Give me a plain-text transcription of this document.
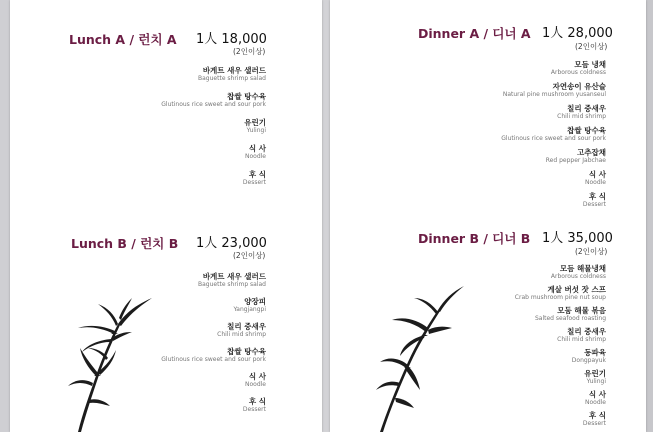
Lunch A / 런치 A 1人 18,000
(2인이상)
바게트 새우 샐러드
Baguette shrimp salad
찹쌀 탕수육
Glutinous rice sweet and sour pork
유린기
Yulingi
식 사
Noodle
후 식
Dessert
Lunch B / 런치 B 1人 23,000
(2인이상)
바게트 새우 샐러드
Baguette shrimp salad
양장피
Yangjangpi
칠리 중새우
Chili mid shrimp
찹쌀 탕수육
Glutinous rice sweet and sour pork
식 사
Noodle
후 식
Dessert
Dinner A / 디너 A 1人 28,000
(2인이상)
모듬 냉채
Arborous coldness
자연송이 유산슬
Natural pine mushroom yusanseul
칠리 중새우
Chili mid shrimp
찹쌀 탕수육
Glutinous rice sweet and sour pork
고추잡채
Red pepper Jabchae
식 사
Noodle
후 식
Dessert
Dinner B / 디너 B 1人 35,000
(2인이상)
모듬 해물냉채
Arborous coldness
게살 버섯 잣 스프
Crab mushroom pine nut soup
모둠 해물 볶음
Salted seafood roasting
칠리 중새우
Chili mid shrimp
동파육
Dongpayuk
유린기
Yulingi
식 사
Noodle
후 식
Dessert
